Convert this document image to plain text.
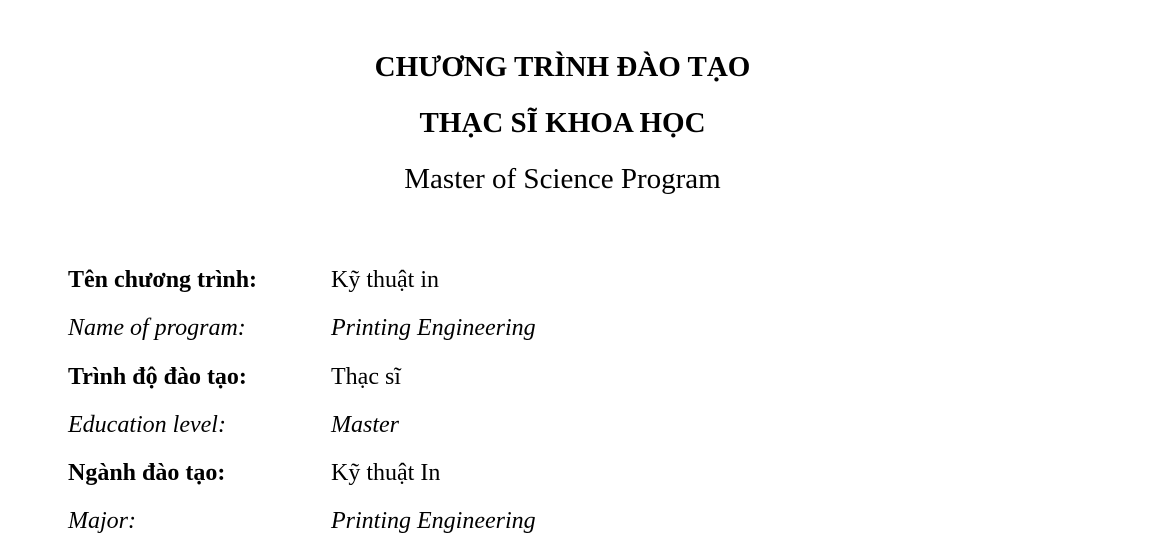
CHƯƠNG TRÌNH ĐÀO TẠO
THẠC SĨ KHOA HỌC
Master of Science Program
Tên chương trình:	Kỹ thuật in
Name of program:	Printing Engineering
Trình độ đào tạo:	Thạc sĩ
Education level:	Master
Ngành đào tạo:	Kỹ thuật In
Major:	Printing Engineering
